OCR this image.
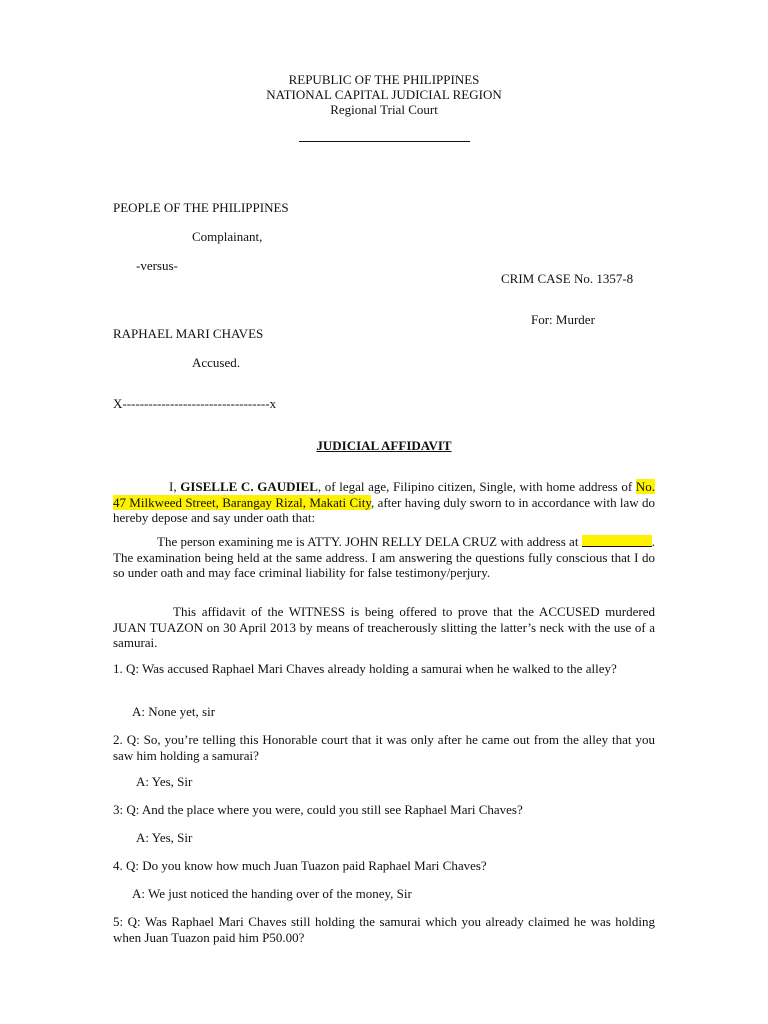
REPUBLIC OF THE PHILIPPINES
NATIONAL CAPITAL JUDICIAL REGION
Regional Trial Court
PEOPLE OF THE PHILIPPINES
Complainant,
-versus-
CRIM CASE No. 1357-8
For: Murder
RAPHAEL MARI CHAVES
Accused.
X----------------------------------x
JUDICIAL AFFIDAVIT
I, GISELLE C. GAUDIEL, of legal age, Filipino citizen, Single, with home address of No. 47 Milkweed Street, Barangay Rizal, Makati City, after having duly sworn to in accordance with law do hereby depose and say under oath that:
The person examining me is ATTY. JOHN RELLY DELA CRUZ with address at	. The examination being held at the same address. I am answering the questions fully conscious that I do so under oath and may face criminal liability for false testimony/perjury.
This affidavit of the WITNESS is being offered to prove that the ACCUSED murdered JUAN TUAZON on 30 April 2013 by means of treacherously slitting the latter’s neck with the use of a samurai.
1. Q: Was accused Raphael Mari Chaves already holding a samurai when he walked to the alley?
A: None yet, sir
2. Q: So, you’re telling this Honorable court that it was only after he came out from the alley that you saw him holding a samurai?
A: Yes, Sir
3: Q: And the place where you were, could you still see Raphael Mari Chaves?
A: Yes, Sir
4. Q: Do you know how much Juan Tuazon paid Raphael Mari Chaves?
A: We just noticed the handing over of the money, Sir
5: Q: Was Raphael Mari Chaves still holding the samurai which you already claimed he was holding when Juan Tuazon paid him P50.00?
